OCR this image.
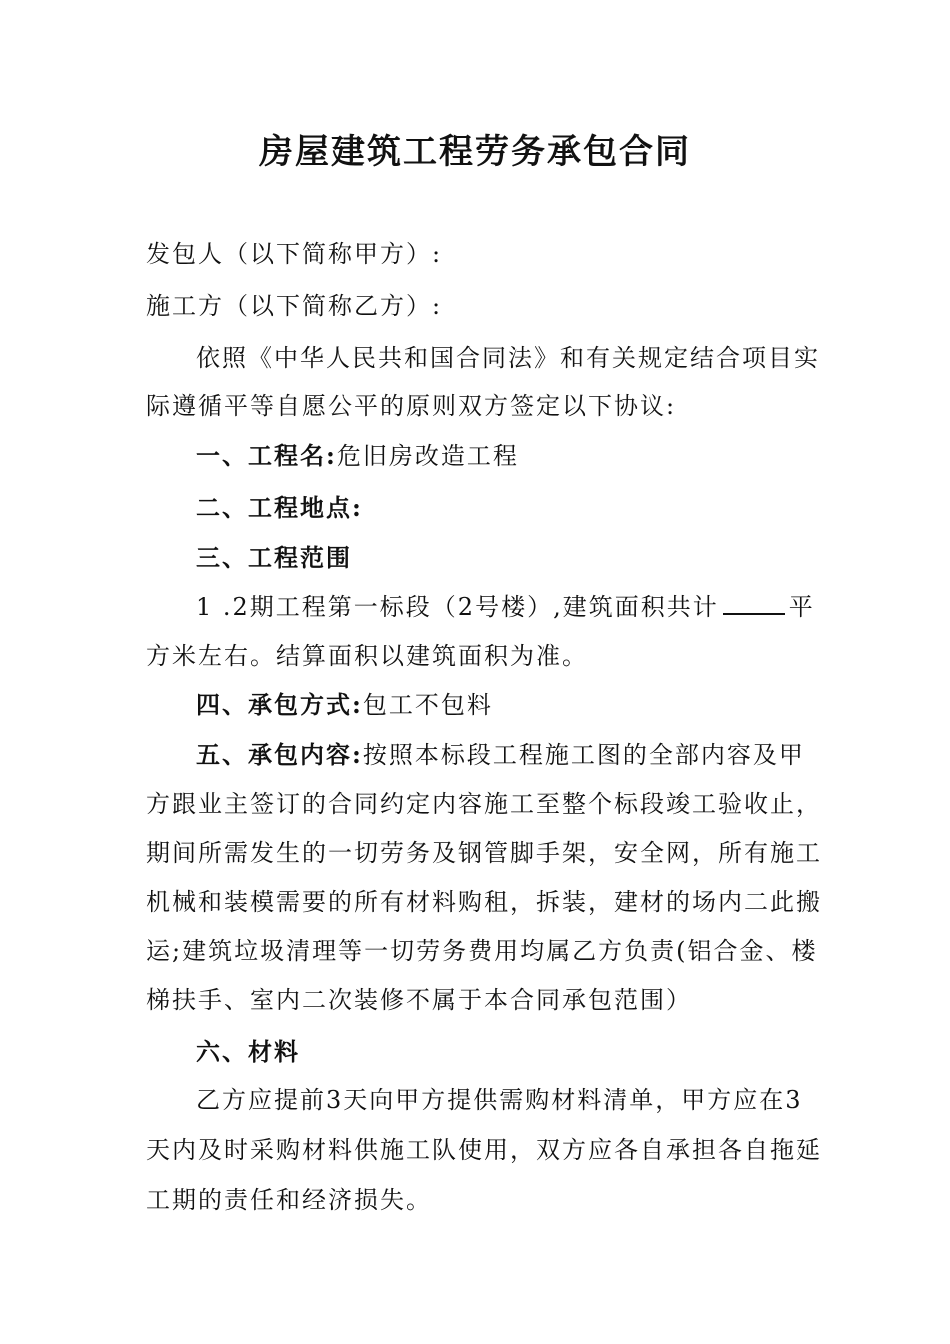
房屋建筑工程劳务承包合同
发包人（以下简称甲方）:
施工方（以下简称乙方）:
依照《中华人民共和国合同法》和有关规定结合项目实
际遵循平等自愿公平的原则双方签定以下协议:
一、工程名:危旧房改造工程
二、工程地点:
三、工程范围
1 .2期工程第一标段（2号楼）,建筑面积共计	平
方米左右。结算面积以建筑面积为准。
四、承包方式:包工不包料
五、承包内容:按照本标段工程施工图的全部内容及甲
方跟业主签订的合同约定内容施工至整个标段竣工验收止，
期间所需发生的一切劳务及钢管脚手架，安全网，所有施工
机械和装模需要的所有材料购租，拆装，建材的场内二此搬
运;建筑垃圾清理等一切劳务费用均属乙方负责(铝合金、楼
梯扶手、室内二次装修不属于本合同承包范围）
六、材料
乙方应提前3天向甲方提供需购材料清单，甲方应在3
天内及时采购材料供施工队使用，双方应各自承担各自拖延
工期的责任和经济损失。
